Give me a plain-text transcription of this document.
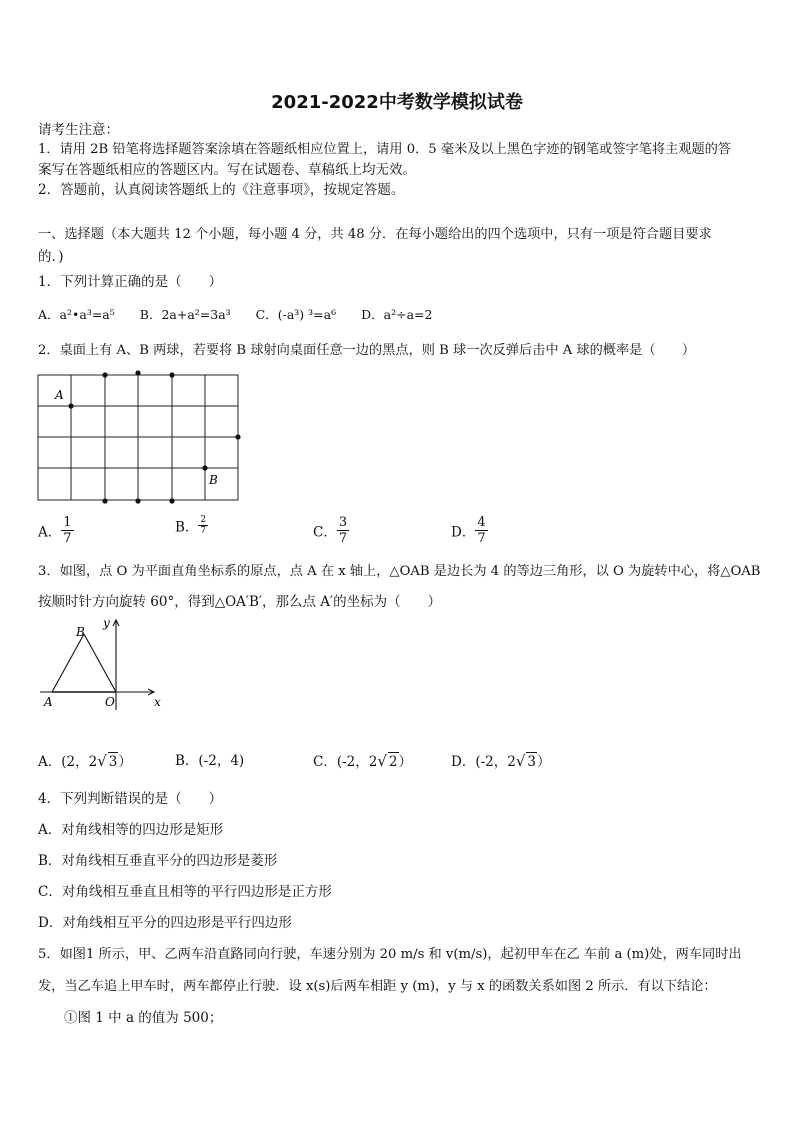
2021-2022中考数学模拟试卷
请考生注意：
1．请用 2B 铅笔将选择题答案涂填在答题纸相应位置上，请用 0．5 毫米及以上黑色字迹的钢笔或签字笔将主观题的答
案写在答题纸相应的答题区内。写在试题卷、草稿纸上均无效。
2．答题前，认真阅读答题纸上的《注意事项》，按规定答题。
一、选择题（本大题共 12 个小题，每小题 4 分，共 48 分．在每小题给出的四个选项中，只有一项是符合题目要求
的．)
1．下列计算正确的是（　　）
A．a²•a³=a⁵　　B．2a+a²=3a³　　C．(-a³) ³=a⁶　　D．a²÷a=2
2．桌面上有 A、B 两球，若要将 B 球射向桌面任意一边的黑点，则 B 球一次反弹后击中 A 球的概率是（　　）
A
B
A． $\frac{1}{7}$	B． $\frac{2}{7}$	C． $\frac{3}{7}$	D． $\frac{4}{7}$
3．如图，点 O 为平面直角坐标系的原点，点 A 在 x 轴上，△OAB 是边长为 4 的等边三角形，以 O 为旋转中心，将△OAB
按顺时针方向旋转 60°，得到△OA′B′，那么点 A′的坐标为（　　）
B
y
A	O	x
A．(2，2√ 3）	B．(-2，4)	C．(-2，2√ 2）	D．(-2，2√ 3）
4．下列判断错误的是（　　）
A．对角线相等的四边形是矩形
B．对角线相互垂直平分的四边形是菱形
C．对角线相互垂直且相等的平行四边形是正方形
D．对角线相互平分的四边形是平行四边形
5．如图1 所示，甲、乙两车沿直路同向行驶，车速分别为 20 m/s 和 v(m/s)，起初甲车在乙 车前 a (m)处，两车同时出
发，当乙车追上甲车时，两车都停止行驶．设 x(s)后两车相距 y (m)，y 与 x 的函数关系如图 2 所示．有以下结论：
①图 1 中 a 的值为 500；
